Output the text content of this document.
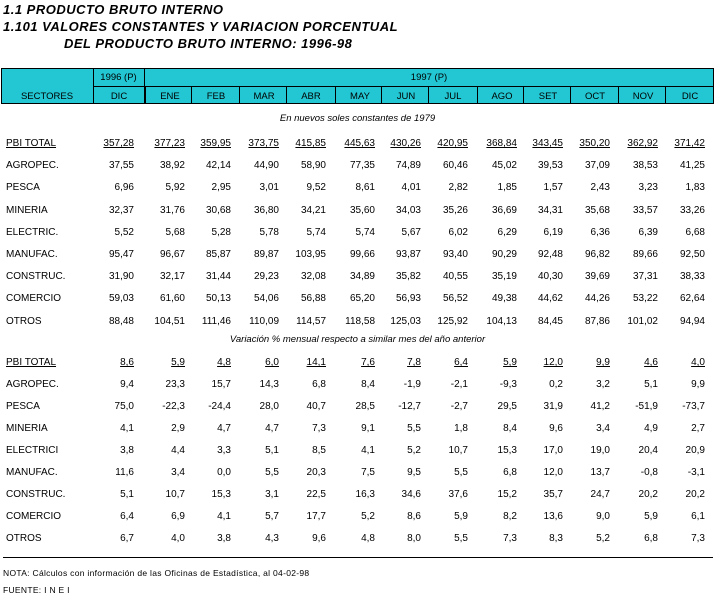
1.1 PRODUCTO BRUTO INTERNO
1.101 VALORES CONSTANTES Y VARIACION PORCENTUAL
DEL PRODUCTO BRUTO INTERNO: 1996-98
SECTORES
1996 (P)	1997 (P)
En nuevos soles constantes de 1979
Variación % mensual respecto a similar mes del año anterior
NOTA: Cálculos con información de las Oficinas de Estadística, al 04-02-98
FUENTE: I N E I
DIC	ENE	FEB	MAR	ABR	MAY	JUN	JUL	AGO	SET	OCT	NOV	DIC
PBI TOTAL	357,28	377,23	359,95	373,75	415,85	445,63	430,26	420,95	368,84	343,45	350,20	362,92	371,42
AGROPEC.	37,55	38,92	42,14	44,90	58,90	77,35	74,89	60,46	45,02	39,53	37,09	38,53	41,25
PESCA	6,96	5,92	2,95	3,01	9,52	8,61	4,01	2,82	1,85	1,57	2,43	3,23	1,83
MINERIA	32,37	31,76	30,68	36,80	34,21	35,60	34,03	35,26	36,69	34,31	35,68	33,57	33,26
ELECTRIC.	5,52	5,68	5,28	5,78	5,74	5,74	5,67	6,02	6,29	6,19	6,36	6,39	6,68
MANUFAC.	95,47	96,67	85,87	89,87	103,95	99,66	93,87	93,40	90,29	92,48	96,82	89,66	92,50
CONSTRUC.	31,90	32,17	31,44	29,23	32,08	34,89	35,82	40,55	35,19	40,30	39,69	37,31	38,33
COMERCIO	59,03	61,60	50,13	54,06	56,88	65,20	56,93	56,52	49,38	44,62	44,26	53,22	62,64
OTROS	88,48	104,51	111,46	110,09	114,57	118,58	125,03	125,92	104,13	84,45	87,86	101,02	94,94
PBI TOTAL	8,6	5,9	4,8	6,0	14,1	7,6	7,8	6,4	5,9	12,0	9,9	4,6	4,0
AGROPEC.	9,4	23,3	15,7	14,3	6,8	8,4	-1,9	-2,1	-9,3	0,2	3,2	5,1	9,9
PESCA	75,0	-22,3	-24,4	28,0	40,7	28,5	-12,7	-2,7	29,5	31,9	41,2	-51,9	-73,7
MINERIA	4,1	2,9	4,7	4,7	7,3	9,1	5,5	1,8	8,4	9,6	3,4	4,9	2,7
ELECTRICI	3,8	4,4	3,3	5,1	8,5	4,1	5,2	10,7	15,3	17,0	19,0	20,4	20,9
MANUFAC.	11,6	3,4	0,0	5,5	20,3	7,5	9,5	5,5	6,8	12,0	13,7	-0,8	-3,1
CONSTRUC.	5,1	10,7	15,3	3,1	22,5	16,3	34,6	37,6	15,2	35,7	24,7	20,2	20,2
COMERCIO	6,4	6,9	4,1	5,7	17,7	5,2	8,6	5,9	8,2	13,6	9,0	5,9	6,1
OTROS	6,7	4,0	3,8	4,3	9,6	4,8	8,0	5,5	7,3	8,3	5,2	6,8	7,3
